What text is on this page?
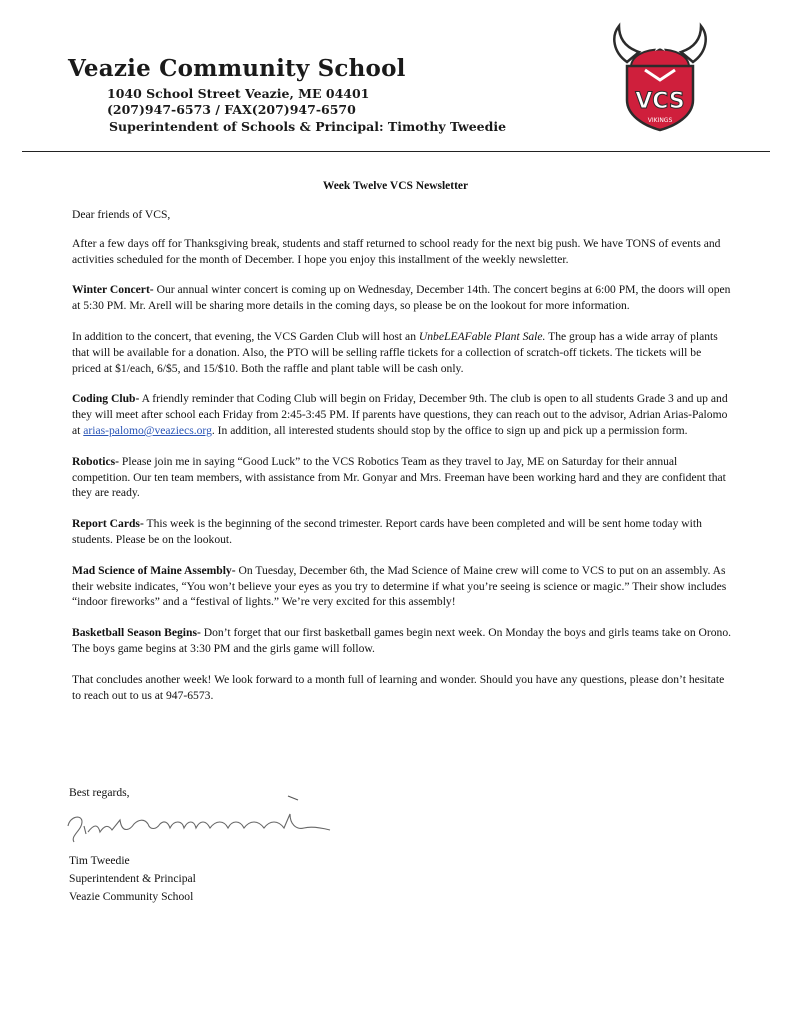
Veazie Community School
1040 School Street Veazie, ME 04401
(207)947-6573 / FAX(207)947-6570
Superintendent of Schools & Principal: Timothy Tweedie
VCS
VIKINGS
Week Twelve VCS Newsletter

Dear friends of VCS,

After a few days off for Thanksgiving break, students and staff returned to school ready for the next big push. We have TONS of events and activities scheduled for the month of December. I hope you enjoy this installment of the weekly newsletter.

Winter Concert- Our annual winter concert is coming up on Wednesday, December 14th. The concert begins at 6:00 PM, the doors will open at 5:30 PM. Mr. Arell will be sharing more details in the coming days, so please be on the lookout for more information.

In addition to the concert, that evening, the VCS Garden Club will host an UnbeLEAFable Plant Sale. The group has a wide array of plants that will be available for a donation. Also, the PTO will be selling raffle tickets for a collection of scratch-off tickets. The tickets will be priced at $1/each, 6/$5, and 15/$10. Both the raffle and plant table will be cash only.

Coding Club- A friendly reminder that Coding Club will begin on Friday, December 9th. The club is open to all students Grade 3 and up and they will meet after school each Friday from 2:45-3:45 PM. If parents have questions, they can reach out to the advisor, Adrian Arias-Palomo at arias-palomo@veaziecs.org. In addition, all interested students should stop by the office to sign up and pick up a permission form.

Robotics- Please join me in saying “Good Luck” to the VCS Robotics Team as they travel to Jay, ME on Saturday for their annual competition. Our ten team members, with assistance from Mr. Gonyar and Mrs. Freeman have been working hard and they are confident that they are ready.

Report Cards- This week is the beginning of the second trimester. Report cards have been completed and will be sent home today with students. Please be on the lookout.

Mad Science of Maine Assembly- On Tuesday, December 6th, the Mad Science of Maine crew will come to VCS to put on an assembly. As their website indicates, “You won’t believe your eyes as you try to determine if what you’re seeing is science or magic.” Their show includes “indoor fireworks” and a “festival of lights.” We’re very excited for this assembly!

Basketball Season Begins- Don’t forget that our first basketball games begin next week. On Monday the boys and girls teams take on Orono. The boys game begins at 3:30 PM and the girls game will follow.

That concludes another week! We look forward to a month full of learning and wonder. Should you have any questions, please don’t hesitate to reach out to us at 947-6573.

Best regards,
Tim Tweedie
Superintendent & Principal
Veazie Community School
